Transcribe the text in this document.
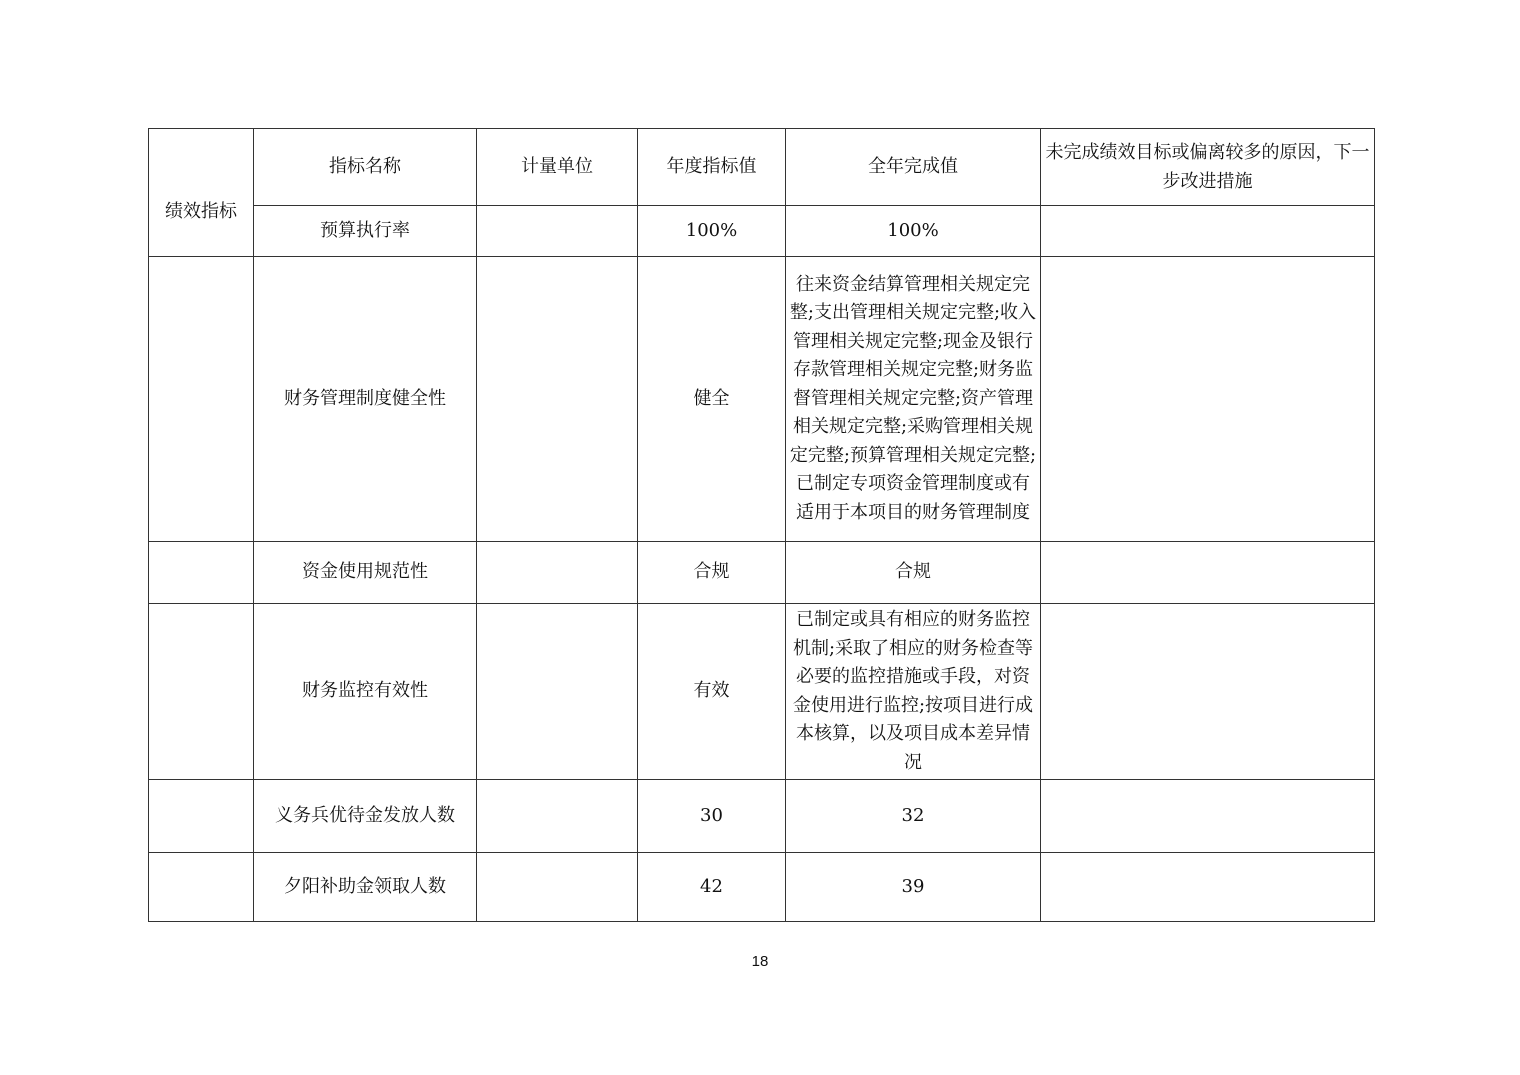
绩效指标	指标名称	计量单位	年度指标值	全年完成值	未完成绩效目标或偏离较多的原因，下一步改进措施
	预算执行率		100%	100%	
	财务管理制度健全性		健全	往来资金结算管理相关规定完整;支出管理相关规定完整;收入管理相关规定完整;现金及银行存款管理相关规定完整;财务监督管理相关规定完整;资产管理相关规定完整;采购管理相关规定完整;预算管理相关规定完整;已制定专项资金管理制度或有适用于本项目的财务管理制度	
	资金使用规范性		合规	合规	
	财务监控有效性		有效	已制定或具有相应的财务监控机制;采取了相应的财务检查等必要的监控措施或手段，对资金使用进行监控;按项目进行成本核算，以及项目成本差异情况	
	义务兵优待金发放人数		30	32	
	夕阳补助金领取人数		42	39	
18
